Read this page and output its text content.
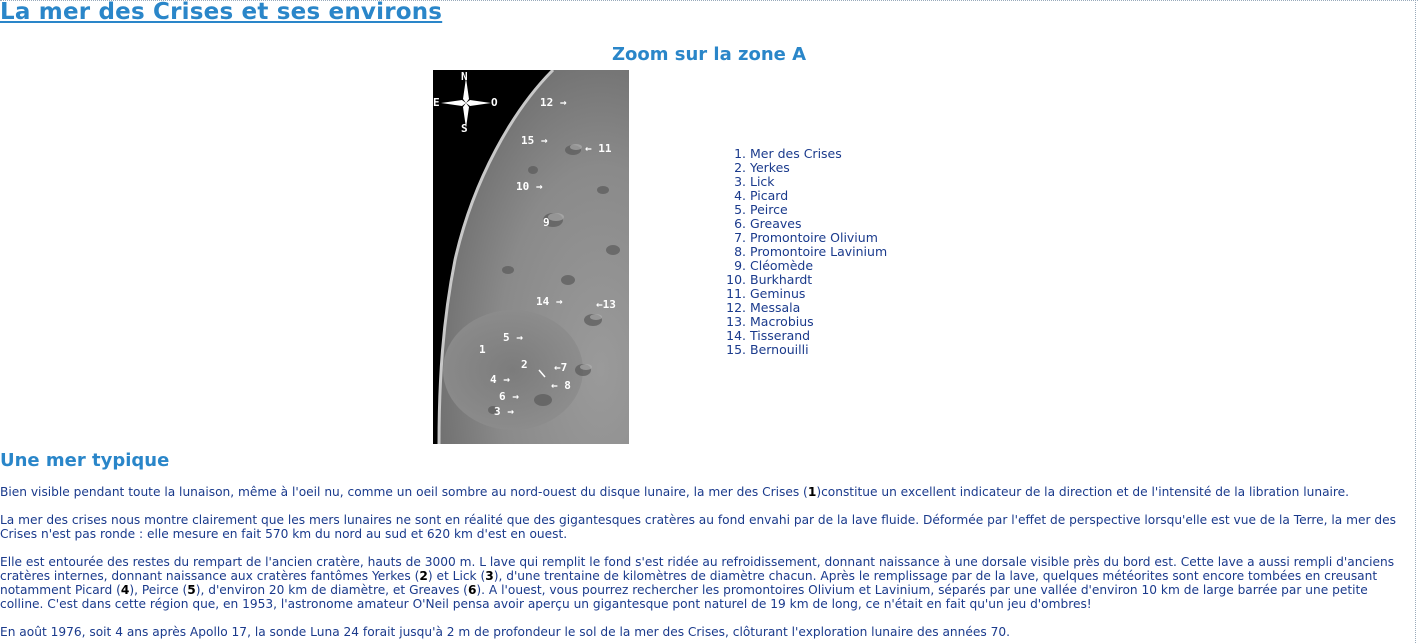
La mer des Crises et ses environs
Zoom sur la zone A
N
E	O
S
12 →
15 →
← 11
10 →
9
14 →	←13
5 →
1
2 ←7
4 →	← 8
6 →
3 →
1. Mer des Crises
2. Yerkes
3. Lick
4. Picard
5. Peirce
6. Greaves
7. Promontoire Olivium
8. Promontoire Lavinium
9. Cléomède
10. Burkhardt
11. Geminus
12. Messala
13. Macrobius
14. Tisserand
15. Bernouilli
Une mer typique

Bien visible pendant toute la lunaison, même à l'oeil nu, comme un oeil sombre au nord-ouest du disque lunaire, la mer des Crises (1)constitue un excellent indicateur de la direction et de l'intensité de la libration lunaire.

La mer des crises nous montre clairement que les mers lunaires ne sont en réalité que des gigantesques cratères au fond envahi par de la lave fluide. Déformée par l'effet de perspective lorsqu'elle est vue de la Terre, la mer des Crises n'est pas ronde : elle mesure en fait 570 km du nord au sud et 620 km d'est en ouest.

Elle est entourée des restes du rempart de l'ancien cratère, hauts de 3000 m. L lave qui remplit le fond s'est ridée au refroidissement, donnant naissance à une dorsale visible près du bord est. Cette lave a aussi rempli d'anciens cratères internes, donnant naissance aux cratères fantômes Yerkes (2) et Lick (3), d'une trentaine de kilomètres de diamètre chacun. Après le remplissage par de la lave, quelques météorites sont encore tombées en creusant notamment Picard (4), Peirce (5), d'environ 20 km de diamètre, et Greaves (6). A l'ouest, vous pourrez rechercher les promontoires Olivium et Lavinium, séparés par une vallée d'environ 10 km de large barrée par une petite colline. C'est dans cette région que, en 1953, l'astronome amateur O'Neil pensa avoir aperçu un gigantesque pont naturel de 19 km de long, ce n'était en fait qu'un jeu d'ombres!

En août 1976, soit 4 ans après Apollo 17, la sonde Luna 24 forait jusqu'à 2 m de profondeur le sol de la mer des Crises, clôturant l'exploration lunaire des années 70.
